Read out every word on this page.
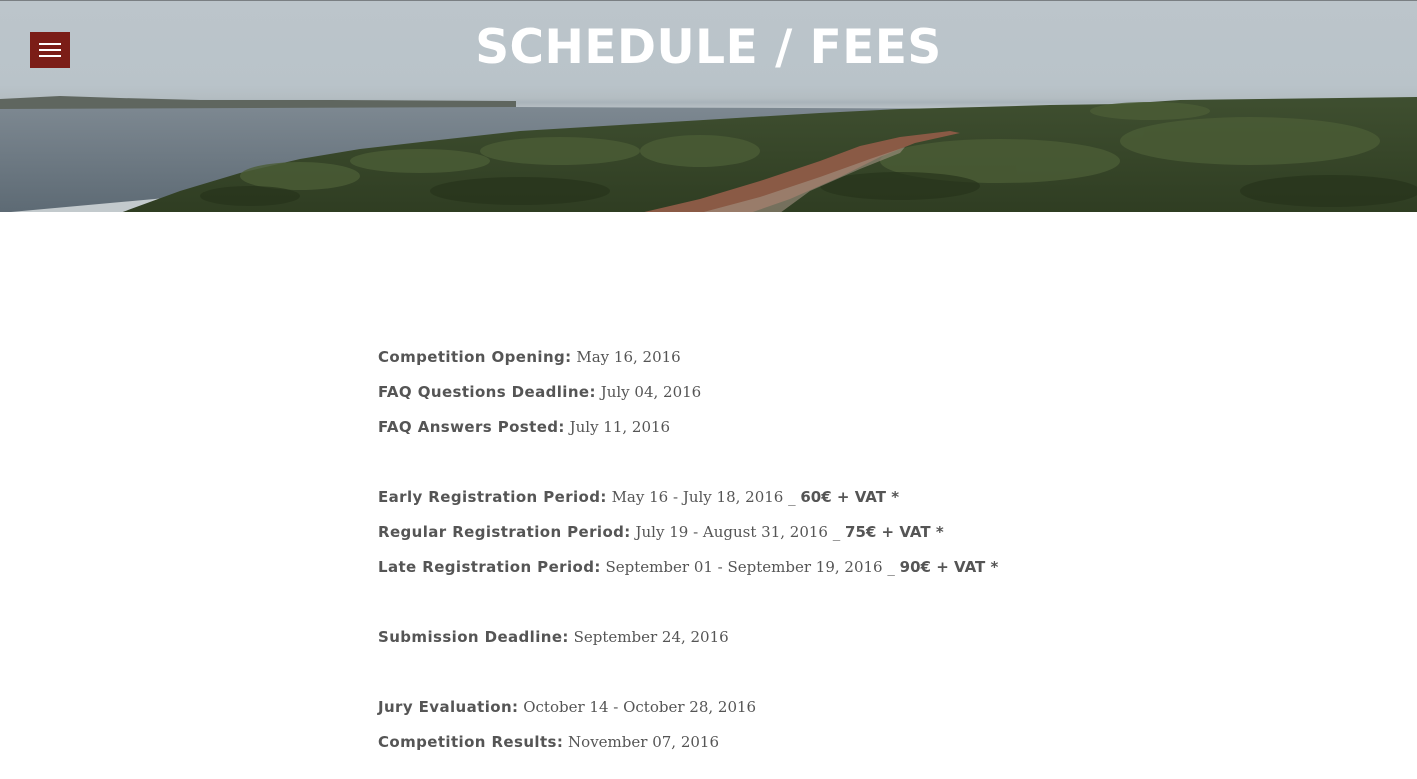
SCHEDULE / FEES
Competition Opening: May 16, 2016
FAQ Questions Deadline: July 04, 2016
FAQ Answers Posted: July 11, 2016
Early Registration Period: May 16 - July 18, 2016 _ 60€ + VAT *
Regular Registration Period: July 19 - August 31, 2016 _ 75€ + VAT *
Late Registration Period: September 01 - September 19, 2016 _ 90€ + VAT *
Submission Deadline: September 24, 2016
Jury Evaluation: October 14 - October 28, 2016
Competition Results: November 07, 2016
